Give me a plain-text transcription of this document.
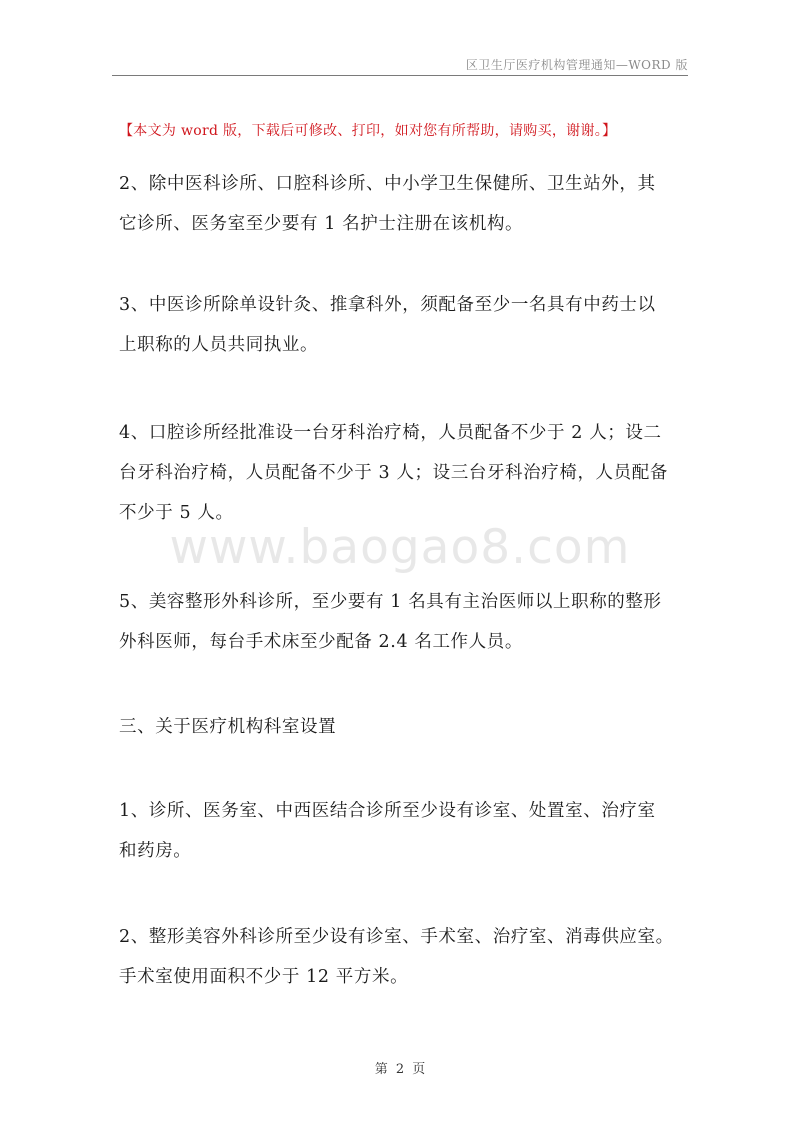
区卫生厅医疗机构管理通知—WORD 版
【本文为 word 版，下载后可修改、打印，如对您有所帮助，请购买，谢谢。】
2、除中医科诊所、口腔科诊所、中小学卫生保健所、卫生站外，其
它诊所、医务室至少要有 1 名护士注册在该机构。
3、中医诊所除单设针灸、推拿科外，须配备至少一名具有中药士以
上职称的人员共同执业。
4、口腔诊所经批准设一台牙科治疗椅，人员配备不少于 2 人；设二
台牙科治疗椅，人员配备不少于 3 人；设三台牙科治疗椅，人员配备
不少于 5 人。
5、美容整形外科诊所，至少要有 1 名具有主治医师以上职称的整形
外科医师，每台手术床至少配备 2.4 名工作人员。
三、关于医疗机构科室设置
1、诊所、医务室、中西医结合诊所至少设有诊室、处置室、治疗室
和药房。
2、整形美容外科诊所至少设有诊室、手术室、治疗室、消毒供应室。
手术室使用面积不少于 12 平方米。
www.baogao8.com
第 2 页
